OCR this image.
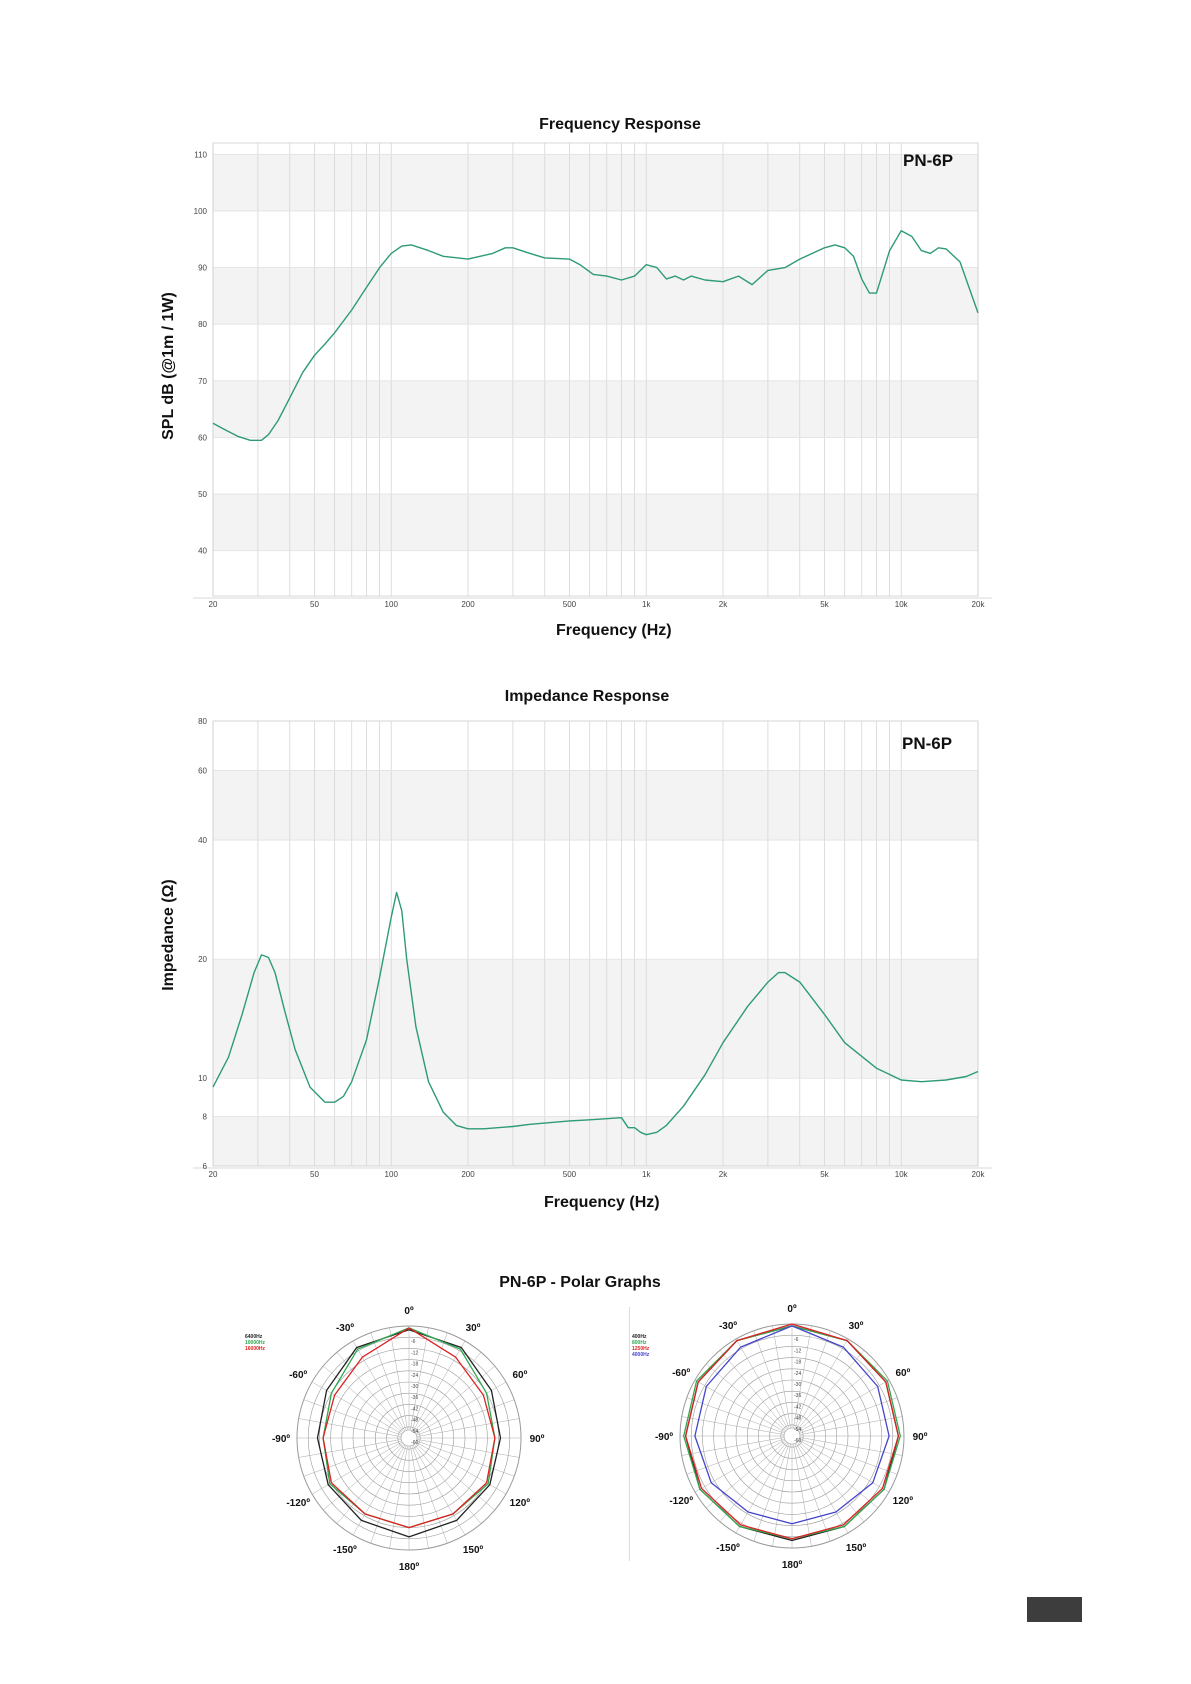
Frequency Response
SPL dB (@1m / 1W)
20	50	100	200	500	1k	2k	5k	10k	20k
40
50
60
70
80
90
100
110	PN-6P
Frequency (Hz)
Impedance Response
20	50	100	200	500	1k	2k	5k	10k	20k
6
8
10
20
40
60
80
Impedance (Ω)
PN-6P
Frequency (Hz)
PN-6P - Polar Graphs
-6
-12
-18
-24
-30
-36
-42
-48
-54
-60
0º
30º
60º
90º
120º
150º
180º
-150º
-120º
-90º
-60º
-30º
6400Hz
10000Hz
16000Hz
-6
-12
-18
-24
-30
-36
-42
-48
-54
-60
0º
30º
60º
90º
120º
150º
180º
-150º
-120º
-90º
-60º
-30º
400Hz
800Hz
1250Hz
4000Hz
